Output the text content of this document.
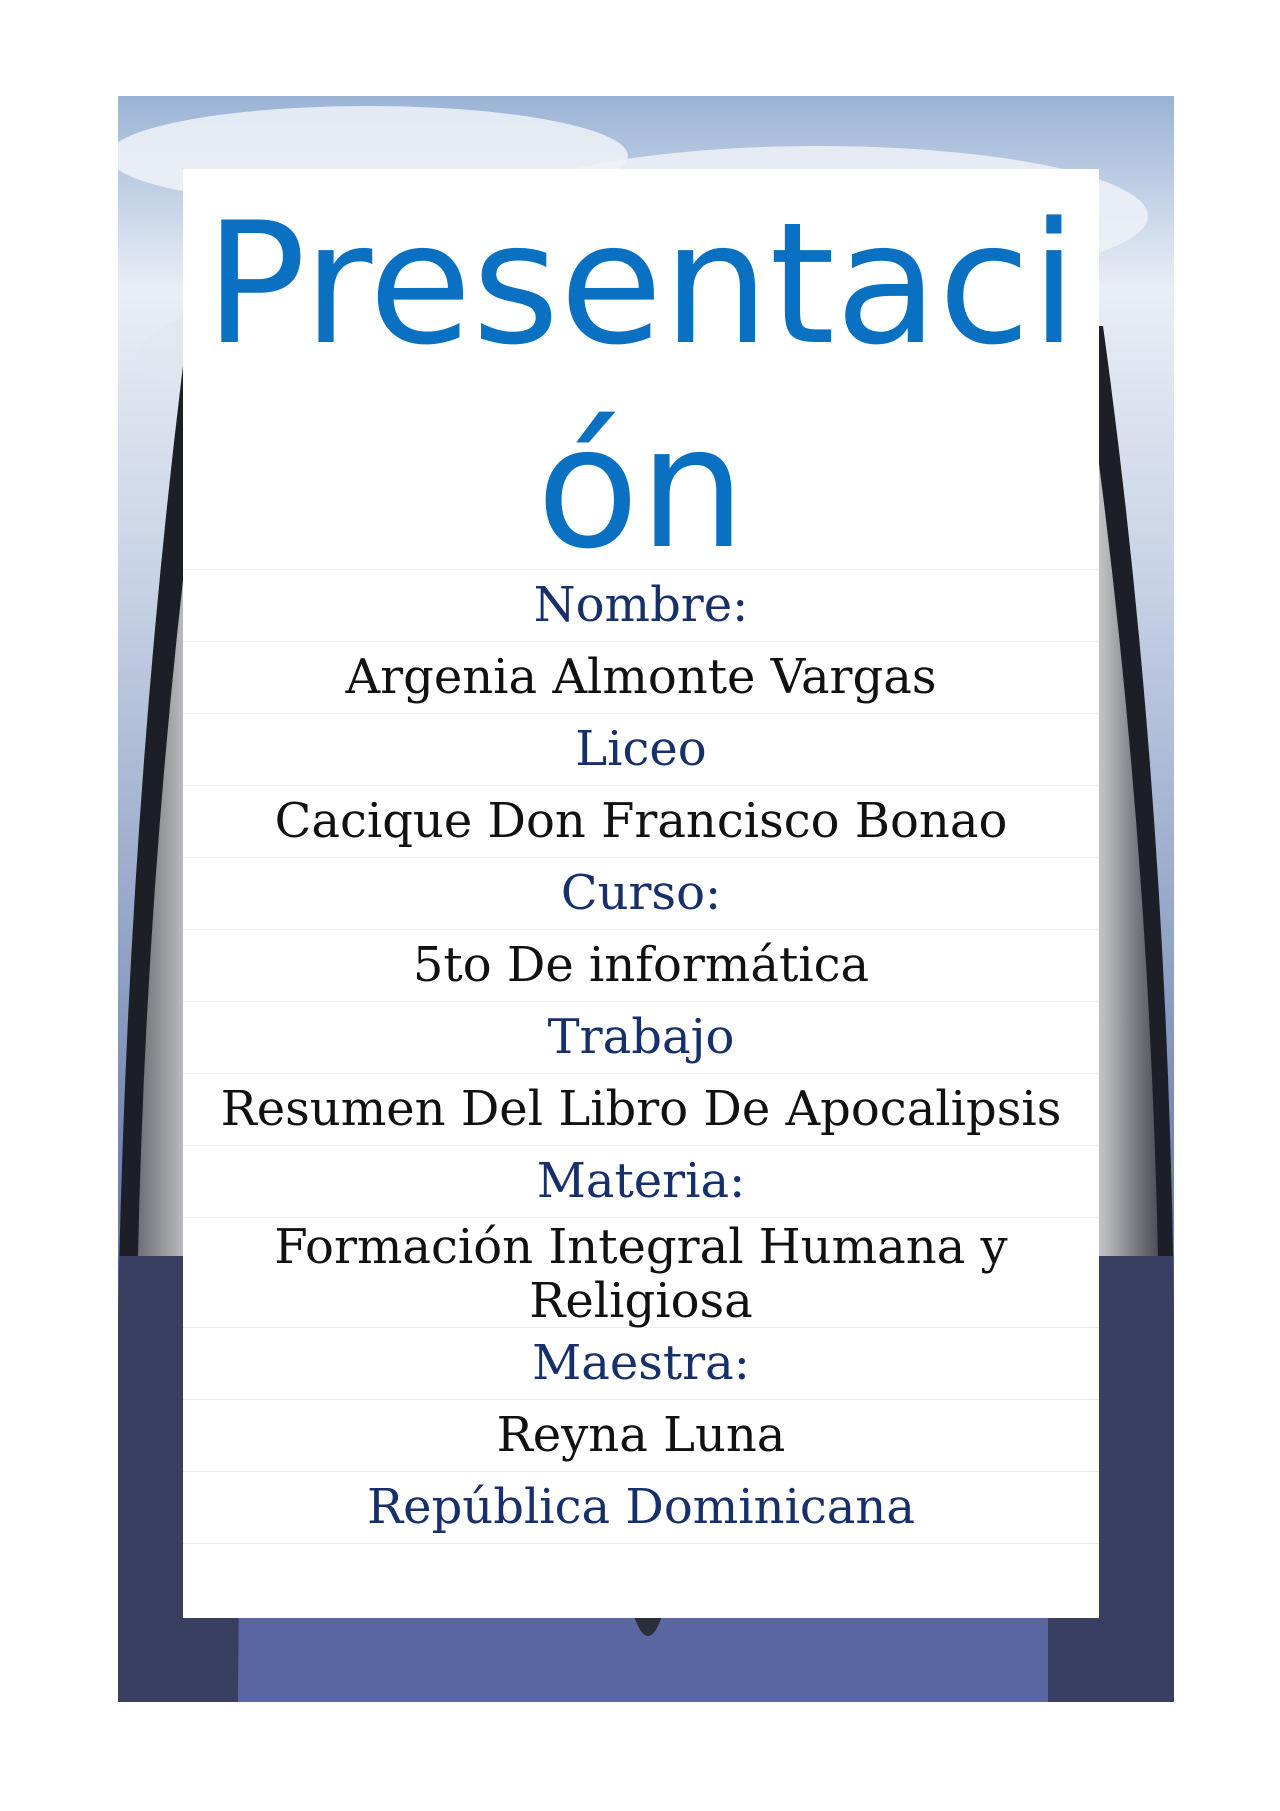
Presentaci
ón
Nombre:
Argenia Almonte Vargas
Liceo
Cacique Don Francisco Bonao
Curso:
5to De informática
Trabajo
Resumen Del Libro De Apocalipsis
Materia:
Formación Integral Humana y Religiosa
Maestra:
Reyna Luna
República Dominicana
